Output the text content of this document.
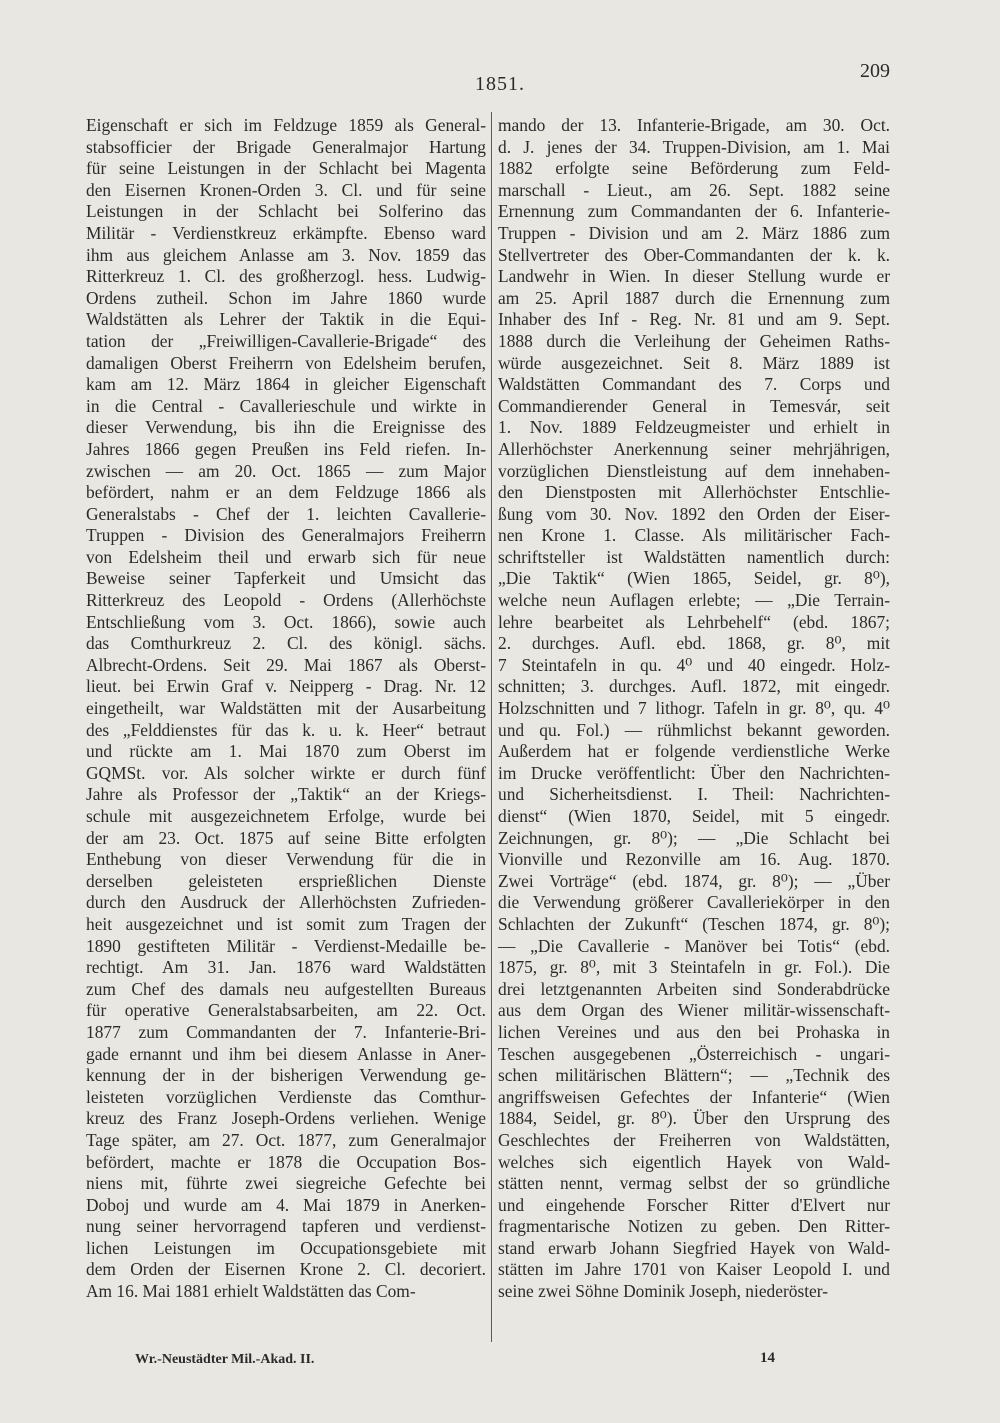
1851.
209
Eigenschaft er sich im Feldzuge 1859 als General-
stabsofficier der Brigade Generalmajor Hartung
für seine Leistungen in der Schlacht bei Magenta
den Eisernen Kronen-Orden 3. Cl. und für seine
Leistungen in der Schlacht bei Solferino das
Militär - Verdienstkreuz erkämpfte. Ebenso ward
ihm aus gleichem Anlasse am 3. Nov. 1859 das
Ritterkreuz 1. Cl. des großherzogl. hess. Ludwig-
Ordens zutheil. Schon im Jahre 1860 wurde
Waldstätten als Lehrer der Taktik in die Equi-
tation der „Freiwilligen-Cavallerie-Brigade“ des
damaligen Oberst Freiherrn von Edelsheim berufen,
kam am 12. März 1864 in gleicher Eigenschaft
in die Central - Cavallerieschule und wirkte in
dieser Verwendung, bis ihn die Ereignisse des
Jahres 1866 gegen Preußen ins Feld riefen. In-
zwischen — am 20. Oct. 1865 — zum Major
befördert, nahm er an dem Feldzuge 1866 als
Generalstabs - Chef der 1. leichten Cavallerie-
Truppen - Division des Generalmajors Freiherrn
von Edelsheim theil und erwarb sich für neue
Beweise seiner Tapferkeit und Umsicht das
Ritterkreuz des Leopold - Ordens (Allerhöchste
Entschließung vom 3. Oct. 1866), sowie auch
das Comthurkreuz 2. Cl. des königl. sächs.
Albrecht-Ordens. Seit 29. Mai 1867 als Oberst-
lieut. bei Erwin Graf v. Neipperg - Drag. Nr. 12
eingetheilt, war Waldstätten mit der Ausarbeitung
des „Felddienstes für das k. u. k. Heer“ betraut
und rückte am 1. Mai 1870 zum Oberst im
GQMSt. vor. Als solcher wirkte er durch fünf
Jahre als Professor der „Taktik“ an der Kriegs-
schule mit ausgezeichnetem Erfolge, wurde bei
der am 23. Oct. 1875 auf seine Bitte erfolgten
Enthebung von dieser Verwendung für die in
derselben geleisteten ersprießlichen Dienste
durch den Ausdruck der Allerhöchsten Zufrieden-
heit ausgezeichnet und ist somit zum Tragen der
1890 gestifteten Militär - Verdienst-Medaille be-
rechtigt. Am 31. Jan. 1876 ward Waldstätten
zum Chef des damals neu aufgestellten Bureaus
für operative Generalstabsarbeiten, am 22. Oct.
1877 zum Commandanten der 7. Infanterie-Bri-
gade ernannt und ihm bei diesem Anlasse in Aner-
kennung der in der bisherigen Verwendung ge-
leisteten vorzüglichen Verdienste das Comthur-
kreuz des Franz Joseph-Ordens verliehen. Wenige
Tage später, am 27. Oct. 1877, zum Generalmajor
befördert, machte er 1878 die Occupation Bos-
niens mit, führte zwei siegreiche Gefechte bei
Doboj und wurde am 4. Mai 1879 in Anerken-
nung seiner hervorragend tapferen und verdienst-
lichen Leistungen im Occupationsgebiete mit
dem Orden der Eisernen Krone 2. Cl. decoriert.
Am 16. Mai 1881 erhielt Waldstätten das Com-
mando der 13. Infanterie-Brigade, am 30. Oct.
d. J. jenes der 34. Truppen-Division, am 1. Mai
1882 erfolgte seine Beförderung zum Feld-
marschall - Lieut., am 26. Sept. 1882 seine
Ernennung zum Commandanten der 6. Infanterie-
Truppen - Division und am 2. März 1886 zum
Stellvertreter des Ober-Commandanten der k. k.
Landwehr in Wien. In dieser Stellung wurde er
am 25. April 1887 durch die Ernennung zum
Inhaber des Inf - Reg. Nr. 81 und am 9. Sept.
1888 durch die Verleihung der Geheimen Raths-
würde ausgezeichnet. Seit 8. März 1889 ist
Waldstätten Commandant des 7. Corps und
Commandierender General in Temesvár, seit
1. Nov. 1889 Feldzeugmeister und erhielt in
Allerhöchster Anerkennung seiner mehrjährigen,
vorzüglichen Dienstleistung auf dem innehaben-
den Dienstposten mit Allerhöchster Entschlie-
ßung vom 30. Nov. 1892 den Orden der Eiser-
nen Krone 1. Classe. Als militärischer Fach-
schriftsteller ist Waldstätten namentlich durch:
„Die Taktik“ (Wien 1865, Seidel, gr. 8⁰),
welche neun Auflagen erlebte; — „Die Terrain-
lehre bearbeitet als Lehrbehelf“ (ebd. 1867;
2. durchges. Aufl. ebd. 1868, gr. 8⁰, mit
7 Steintafeln in qu. 4⁰ und 40 eingedr. Holz-
schnitten; 3. durchges. Aufl. 1872, mit eingedr.
Holzschnitten und 7 lithogr. Tafeln in gr. 8⁰, qu. 4⁰
und qu. Fol.) — rühmlichst bekannt geworden.
Außerdem hat er folgende verdienstliche Werke
im Drucke veröffentlicht: Über den Nachrichten-
und Sicherheitsdienst. I. Theil: Nachrichten-
dienst“ (Wien 1870, Seidel, mit 5 eingedr.
Zeichnungen, gr. 8⁰); — „Die Schlacht bei
Vionville und Rezonville am 16. Aug. 1870.
Zwei Vorträge“ (ebd. 1874, gr. 8⁰); — „Über
die Verwendung größerer Cavalleriekörper in den
Schlachten der Zukunft“ (Teschen 1874, gr. 8⁰);
— „Die Cavallerie - Manöver bei Totis“ (ebd.
1875, gr. 8⁰, mit 3 Steintafeln in gr. Fol.). Die
drei letztgenannten Arbeiten sind Sonderabdrücke
aus dem Organ des Wiener militär-wissenschaft-
lichen Vereines und aus den bei Prohaska in
Teschen ausgegebenen „Österreichisch - ungari-
schen militärischen Blättern“; — „Technik des
angriffsweisen Gefechtes der Infanterie“ (Wien
1884, Seidel, gr. 8⁰). Über den Ursprung des
Geschlechtes der Freiherren von Waldstätten,
welches sich eigentlich Hayek von Wald-
stätten nennt, vermag selbst der so gründliche
und eingehende Forscher Ritter d'Elvert nur
fragmentarische Notizen zu geben. Den Ritter-
stand erwarb Johann Siegfried Hayek von Wald-
stätten im Jahre 1701 von Kaiser Leopold I. und
seine zwei Söhne Dominik Joseph, niederöster-
Wr.-Neustädter Mil.-Akad. II.	14
